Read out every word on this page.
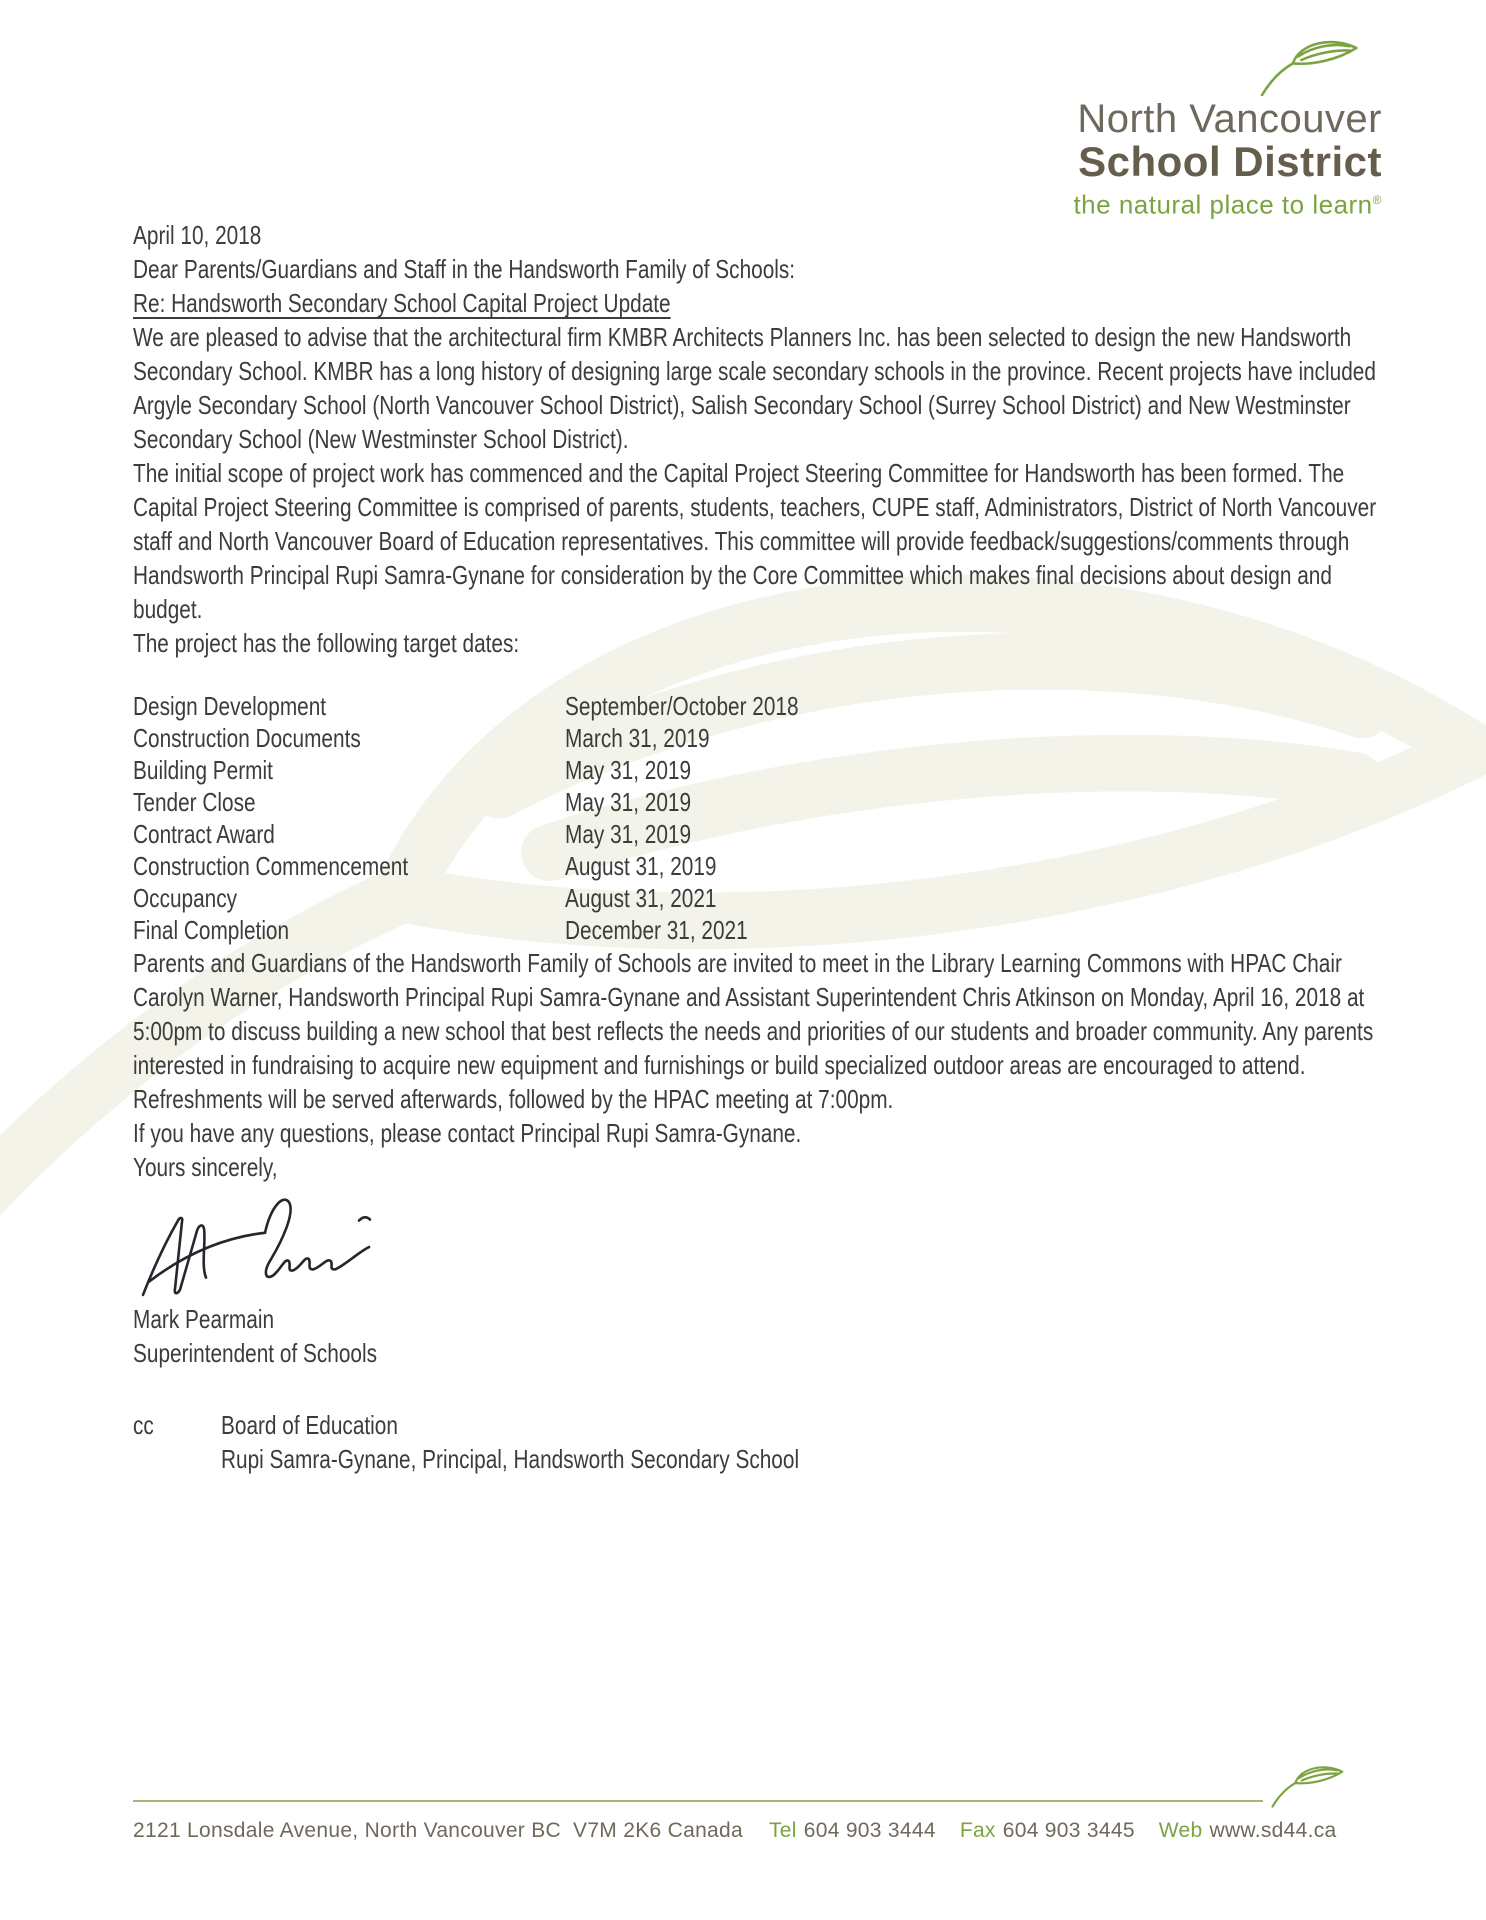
North Vancouver
School District
the natural place to learn®

April 10, 2018

Dear Parents/Guardians and Staff in the Handsworth Family of Schools:

Re: Handsworth Secondary School Capital Project Update

We are pleased to advise that the architectural firm KMBR Architects Planners Inc. has been selected to design the new Handsworth Secondary School. KMBR has a long history of designing large scale secondary schools in the province. Recent projects have included Argyle Secondary School (North Vancouver School District), Salish Secondary School (Surrey School District) and New Westminster Secondary School (New Westminster School District).

The initial scope of project work has commenced and the Capital Project Steering Committee for Handsworth has been formed. The Capital Project Steering Committee is comprised of parents, students, teachers, CUPE staff, Administrators, District of North Vancouver staff and North Vancouver Board of Education representatives. This committee will provide feedback/suggestions/comments through Handsworth Principal Rupi Samra-Gynane for consideration by the Core Committee which makes final decisions about design and budget.

The project has the following target dates:

Design Development	September/October 2018
Construction Documents	March 31, 2019
Building Permit	May 31, 2019
Tender Close	May 31, 2019
Contract Award	May 31, 2019
Construction Commencement	August 31, 2019
Occupancy	August 31, 2021
Final Completion	December 31, 2021

Parents and Guardians of the Handsworth Family of Schools are invited to meet in the Library Learning Commons with HPAC Chair Carolyn Warner, Handsworth Principal Rupi Samra-Gynane and Assistant Superintendent Chris Atkinson on Monday, April 16, 2018 at 5:00pm to discuss building a new school that best reflects the needs and priorities of our students and broader community. Any parents interested in fundraising to acquire new equipment and furnishings or build specialized outdoor areas are encouraged to attend. Refreshments will be served afterwards, followed by the HPAC meeting at 7:00pm.

If you have any questions, please contact Principal Rupi Samra-Gynane.

Yours sincerely,

Mark Pearmain

Superintendent of Schools

cc	Board of Education
Rupi Samra-Gynane, Principal, Handsworth Secondary School
2121 Lonsdale Avenue, North Vancouver BC V7M 2K6 Canada Tel 604 903 3444 Fax 604 903 3445 Web www.sd44.ca
